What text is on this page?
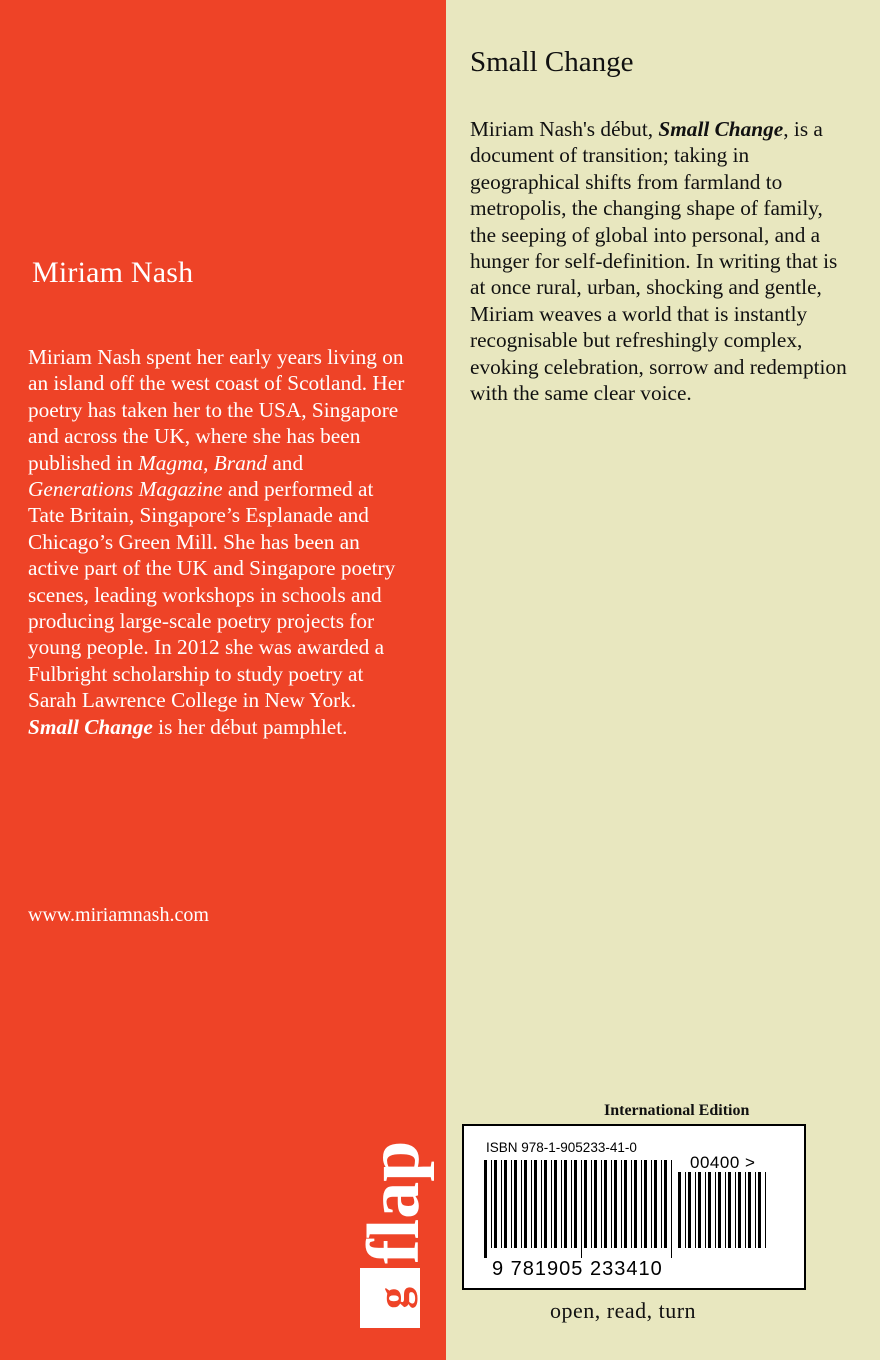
Miriam Nash

Miriam Nash spent her early years living on an island off the west coast of Scotland. Her poetry has taken her to the USA, Singapore and across the UK, where she has been published in Magma, Brand and Generations Magazine and performed at Tate Britain, Singapore’s Esplanade and Chicago’s Green Mill. She has been an active part of the UK and Singapore poetry scenes, leading workshops in schools and producing large-scale poetry projects for young people. In 2012 she was awarded a Fulbright scholarship to study poetry at Sarah Lawrence College in New York. Small Change is her début pamphlet.

www.miriamnash.com
g
flap
Small Change

Miriam Nash's début, Small Change, is a document of transition; taking in geographical shifts from farmland to metropolis, the changing shape of family, the seeping of global into personal, and a hunger for self-definition. In writing that is at once rural, urban, shocking and gentle, Miriam weaves a world that is instantly recognisable but refreshingly complex, evoking celebration, sorrow and redemption with the same clear voice.

International Edition
ISBN 978-1-905233-41-0
00400 >
9 781905 233410
open, read, turn
